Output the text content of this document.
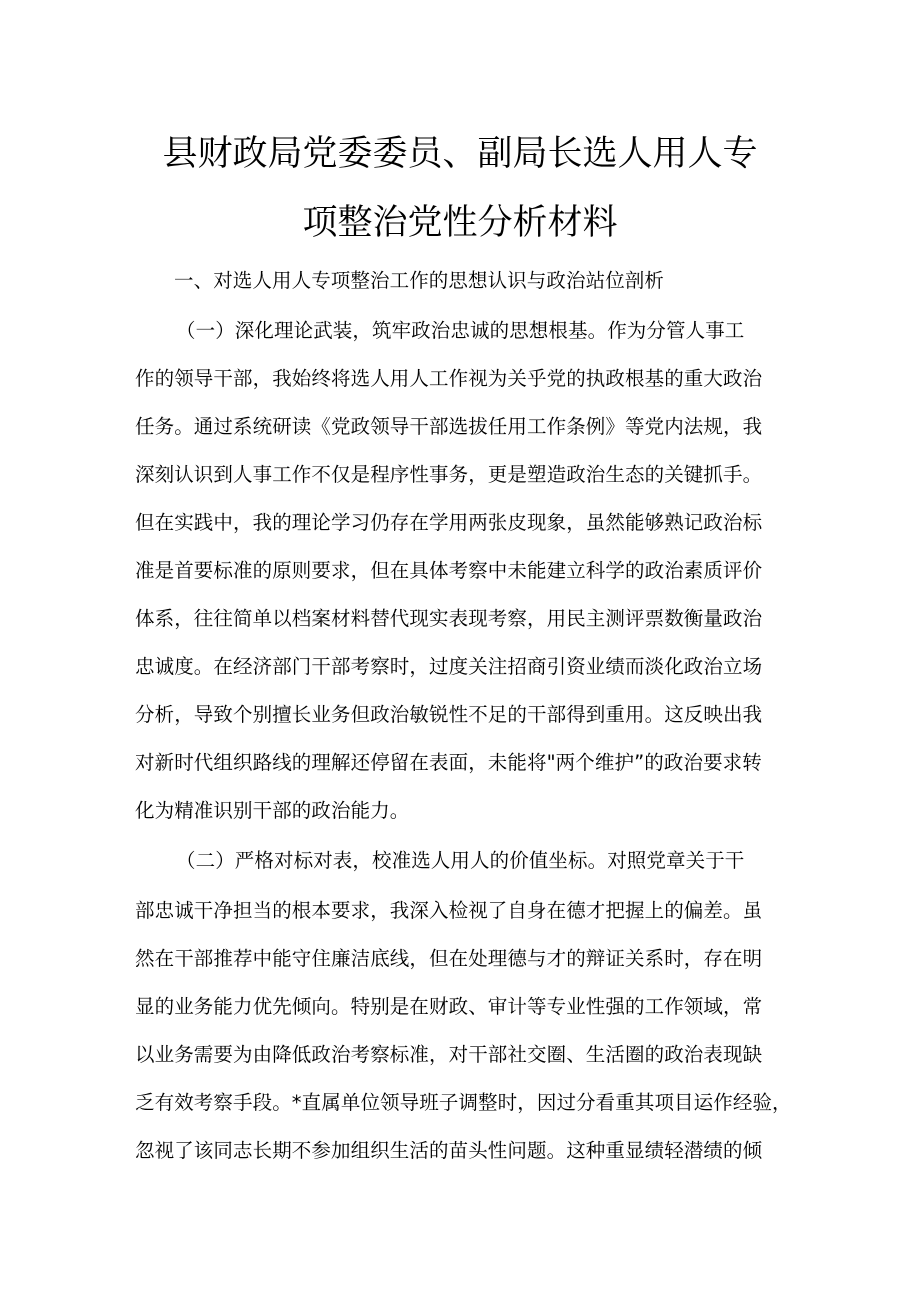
县财政局党委委员、副局长选人用人专
项整治党性分析材料
一、对选人用人专项整治工作的思想认识与政治站位剖析
（一）深化理论武装，筑牢政治忠诚的思想根基。作为分管人事工
作的领导干部，我始终将选人用人工作视为关乎党的执政根基的重大政治
任务。通过系统研读《党政领导干部选拔任用工作条例》等党内法规，我
深刻认识到人事工作不仅是程序性事务，更是塑造政治生态的关键抓手。
但在实践中，我的理论学习仍存在学用两张皮现象，虽然能够熟记政治标
准是首要标准的原则要求，但在具体考察中未能建立科学的政治素质评价
体系，往往简单以档案材料替代现实表现考察，用民主测评票数衡量政治
忠诚度。在经济部门干部考察时，过度关注招商引资业绩而淡化政治立场
分析，导致个别擅长业务但政治敏锐性不足的干部得到重用。这反映出我
对新时代组织路线的理解还停留在表面，未能将"两个维护”的政治要求转
化为精准识别干部的政治能力。
（二）严格对标对表，校准选人用人的价值坐标。对照党章关于干
部忠诚干净担当的根本要求，我深入检视了自身在德才把握上的偏差。虽
然在干部推荐中能守住廉洁底线，但在处理德与才的辩证关系时，存在明
显的业务能力优先倾向。特别是在财政、审计等专业性强的工作领域，常
以业务需要为由降低政治考察标准，对干部社交圈、生活圈的政治表现缺
乏有效考察手段。*直属单位领导班子调整时，因过分看重其项目运作经验，
忽视了该同志长期不参加组织生活的苗头性问题。这种重显绩轻潜绩的倾
